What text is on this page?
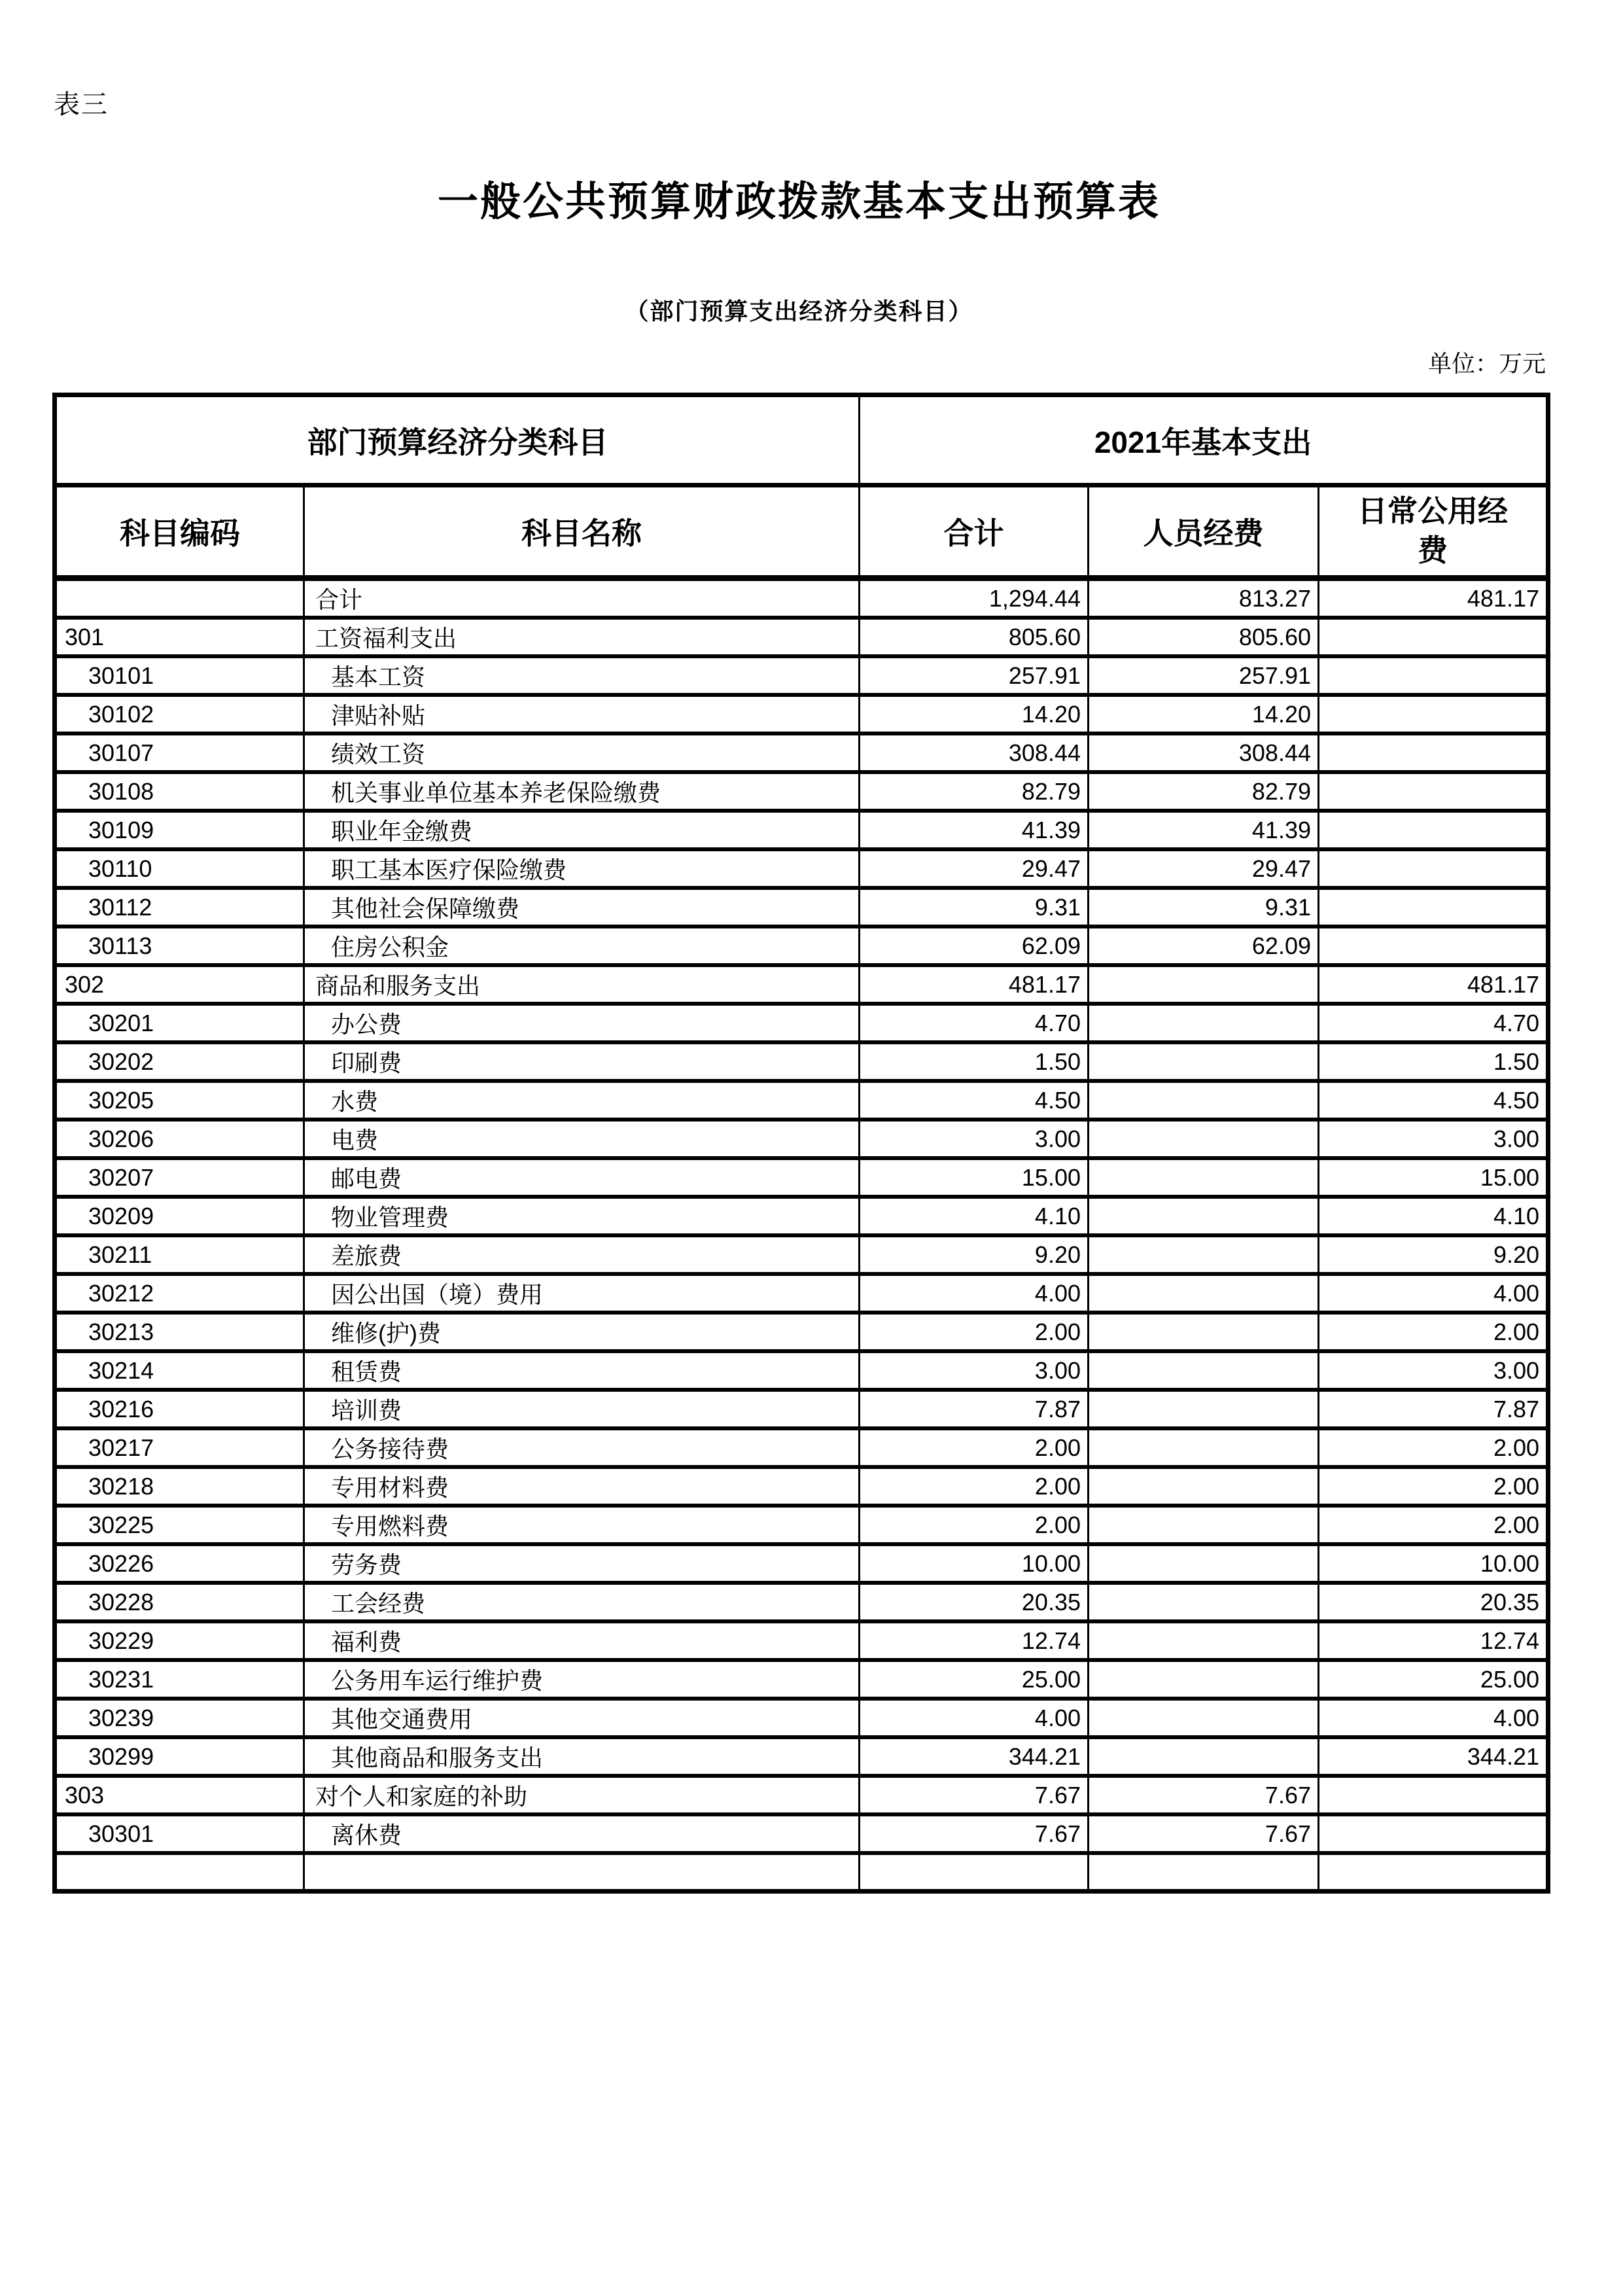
表三
一般公共预算财政拨款基本支出预算表
（部门预算支出经济分类科目）
单位：万元
部门预算经济分类科目		2021年基本支出		
科目编码	科目名称	合计	人员经费	日常公用经费

	合计	1,294.44	813.27	481.17
301	工资福利支出	805.60	805.60	
30101	基本工资	257.91	257.91	
30102	津贴补贴	14.20	14.20	
30107	绩效工资	308.44	308.44	
30108	机关事业单位基本养老保险缴费	82.79	82.79	
30109	职业年金缴费	41.39	41.39	
30110	职工基本医疗保险缴费	29.47	29.47	
30112	其他社会保障缴费	9.31	9.31	
30113	住房公积金	62.09	62.09	
302	商品和服务支出	481.17		481.17
30201	办公费	4.70		4.70
30202	印刷费	1.50		1.50
30205	水费	4.50		4.50
30206	电费	3.00		3.00
30207	邮电费	15.00		15.00
30209	物业管理费	4.10		4.10
30211	差旅费	9.20		9.20
30212	因公出国（境）费用	4.00		4.00
30213	维修(护)费	2.00		2.00
30214	租赁费	3.00		3.00
30216	培训费	7.87		7.87
30217	公务接待费	2.00		2.00
30218	专用材料费	2.00		2.00
30225	专用燃料费	2.00		2.00
30226	劳务费	10.00		10.00
30228	工会经费	20.35		20.35
30229	福利费	12.74		12.74
30231	公务用车运行维护费	25.00		25.00
30239	其他交通费用	4.00		4.00
30299	其他商品和服务支出	344.21		344.21
303	对个人和家庭的补助	7.67	7.67	
30301	离休费	7.67	7.67	
